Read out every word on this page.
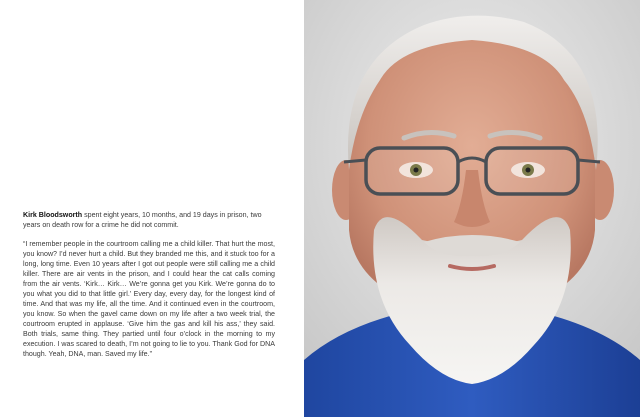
Kirk Bloodsworth spent eight years, 10 months, and 19 days in prison, two years on death row for a crime he did not commit.

“I remember people in the courtroom calling me a child killer. That hurt the most, you know? I’d never hurt a child. But they branded me this, and it stuck too for a long, long time. Even 10 years after I got out people were still calling me a child killer. There are air vents in the prison, and I could hear the cat calls coming from the air vents. ‘Kirk… Kirk… We’re gonna get you Kirk. We’re gonna do to you what you did to that little girl.’ Every day, every day, for the longest kind of time. And that was my life, all the time. And it continued even in the courtroom, you know. So when the gavel came down on my life after a two week trial, the courtroom erupted in applause. ‘Give him the gas and kill his ass,’ they said. Both trials, same thing. They partied until four o’clock in the morning to my execution. I was scared to death, I’m not going to lie to you. Thank God for DNA though. Yeah, DNA, man. Saved my life.”
